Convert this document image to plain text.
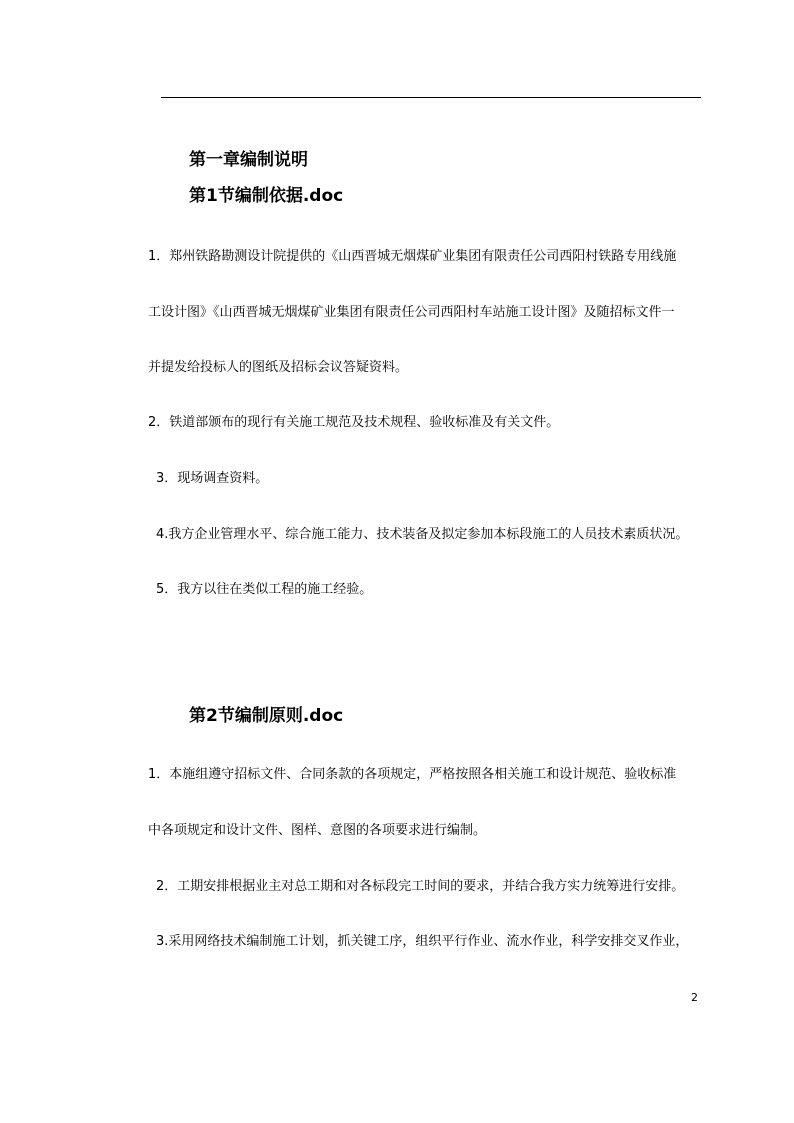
第一章编制说明
第1节编制依据.doc
1．郑州铁路勘测设计院提供的《山西晋城无烟煤矿业集团有限责任公司西阳村铁路专用线施
工设计图》《山西晋城无烟煤矿业集团有限责任公司西阳村车站施工设计图》及随招标文件一
并提发给投标人的图纸及招标会议答疑资料。
2．铁道部颁布的现行有关施工规范及技术规程、验收标准及有关文件。
3．现场调查资料。
4.我方企业管理水平、综合施工能力、技术装备及拟定参加本标段施工的人员技术素质状况。
5．我方以往在类似工程的施工经验。
第2节编制原则.doc
1．本施组遵守招标文件、合同条款的各项规定，严格按照各相关施工和设计规范、验收标准
中各项规定和设计文件、图样、意图的各项要求进行编制。
2．工期安排根据业主对总工期和对各标段完工时间的要求，并结合我方实力统筹进行安排。
3.采用网络技术编制施工计划，抓关键工序，组织平行作业、流水作业，科学安排交叉作业，
2
